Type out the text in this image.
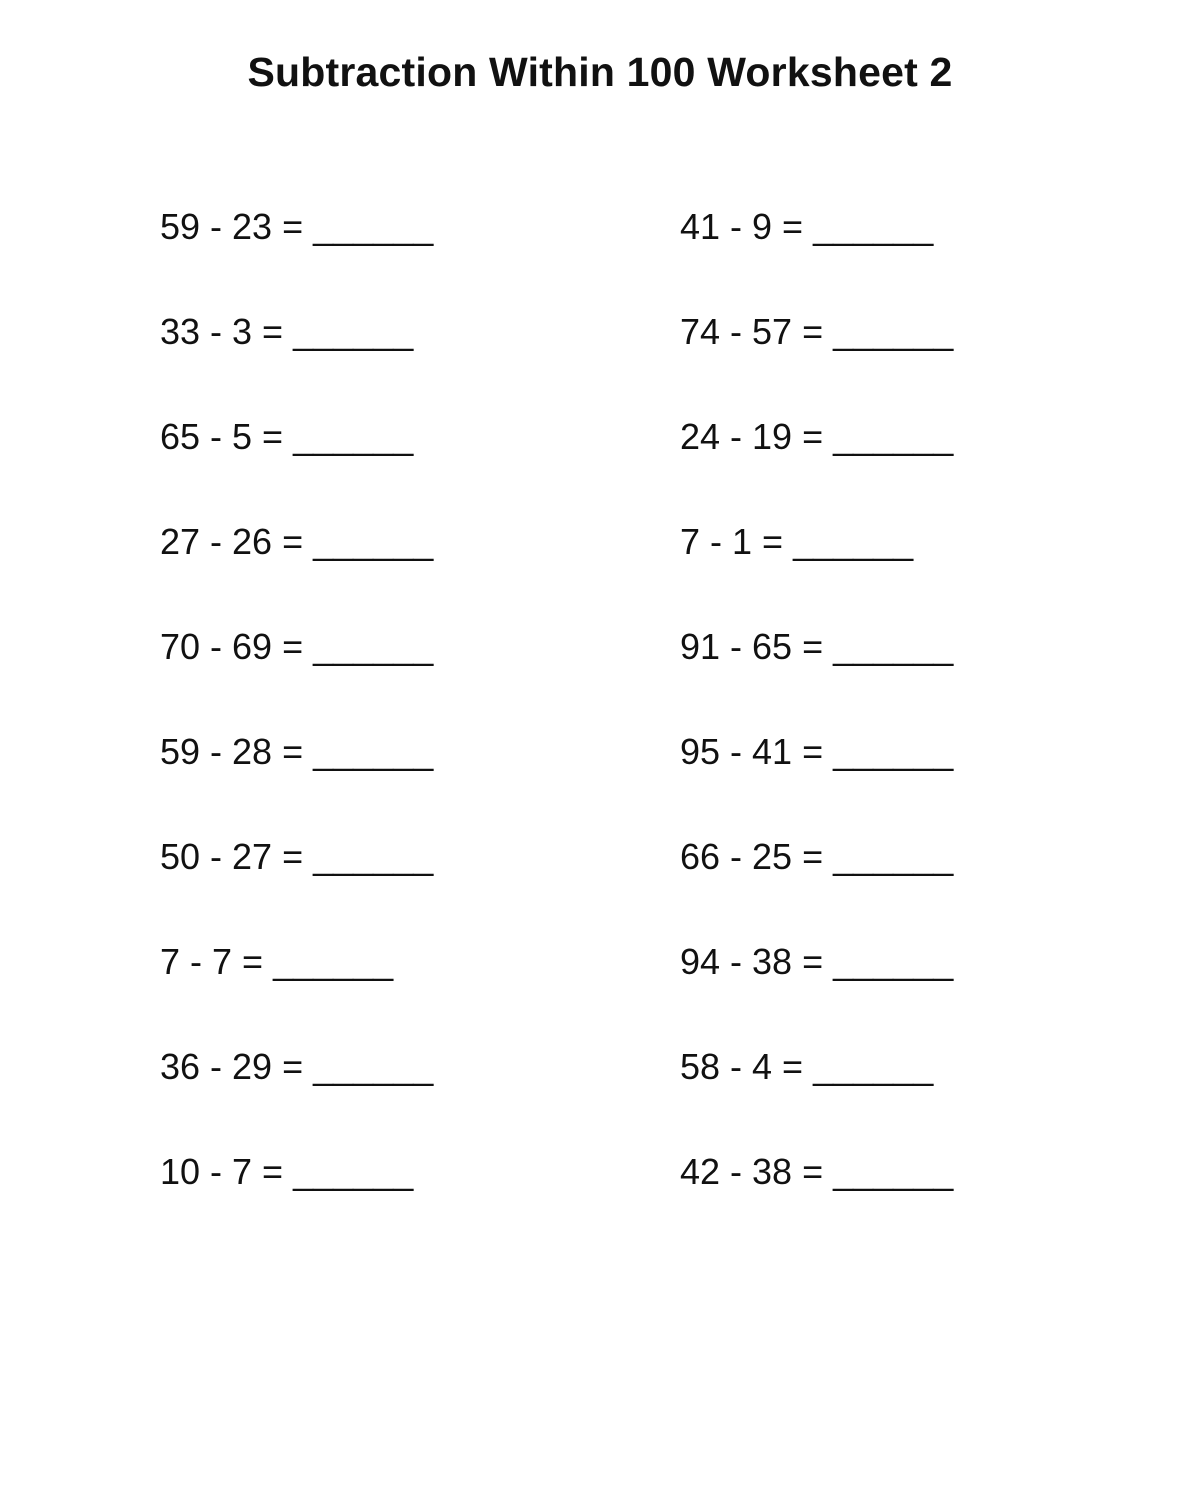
Subtraction Within 100 Worksheet 2
59 - 23 = ______	41 - 9 = ______
33 - 3 = ______	74 - 57 = ______
65 - 5 = ______	24 - 19 = ______
27 - 26 = ______	7 - 1 = ______
70 - 69 = ______	91 - 65 = ______
59 - 28 = ______	95 - 41 = ______
50 - 27 = ______	66 - 25 = ______
7 - 7 = ______	94 - 38 = ______
36 - 29 = ______	58 - 4 = ______
10 - 7 = ______	42 - 38 = ______
